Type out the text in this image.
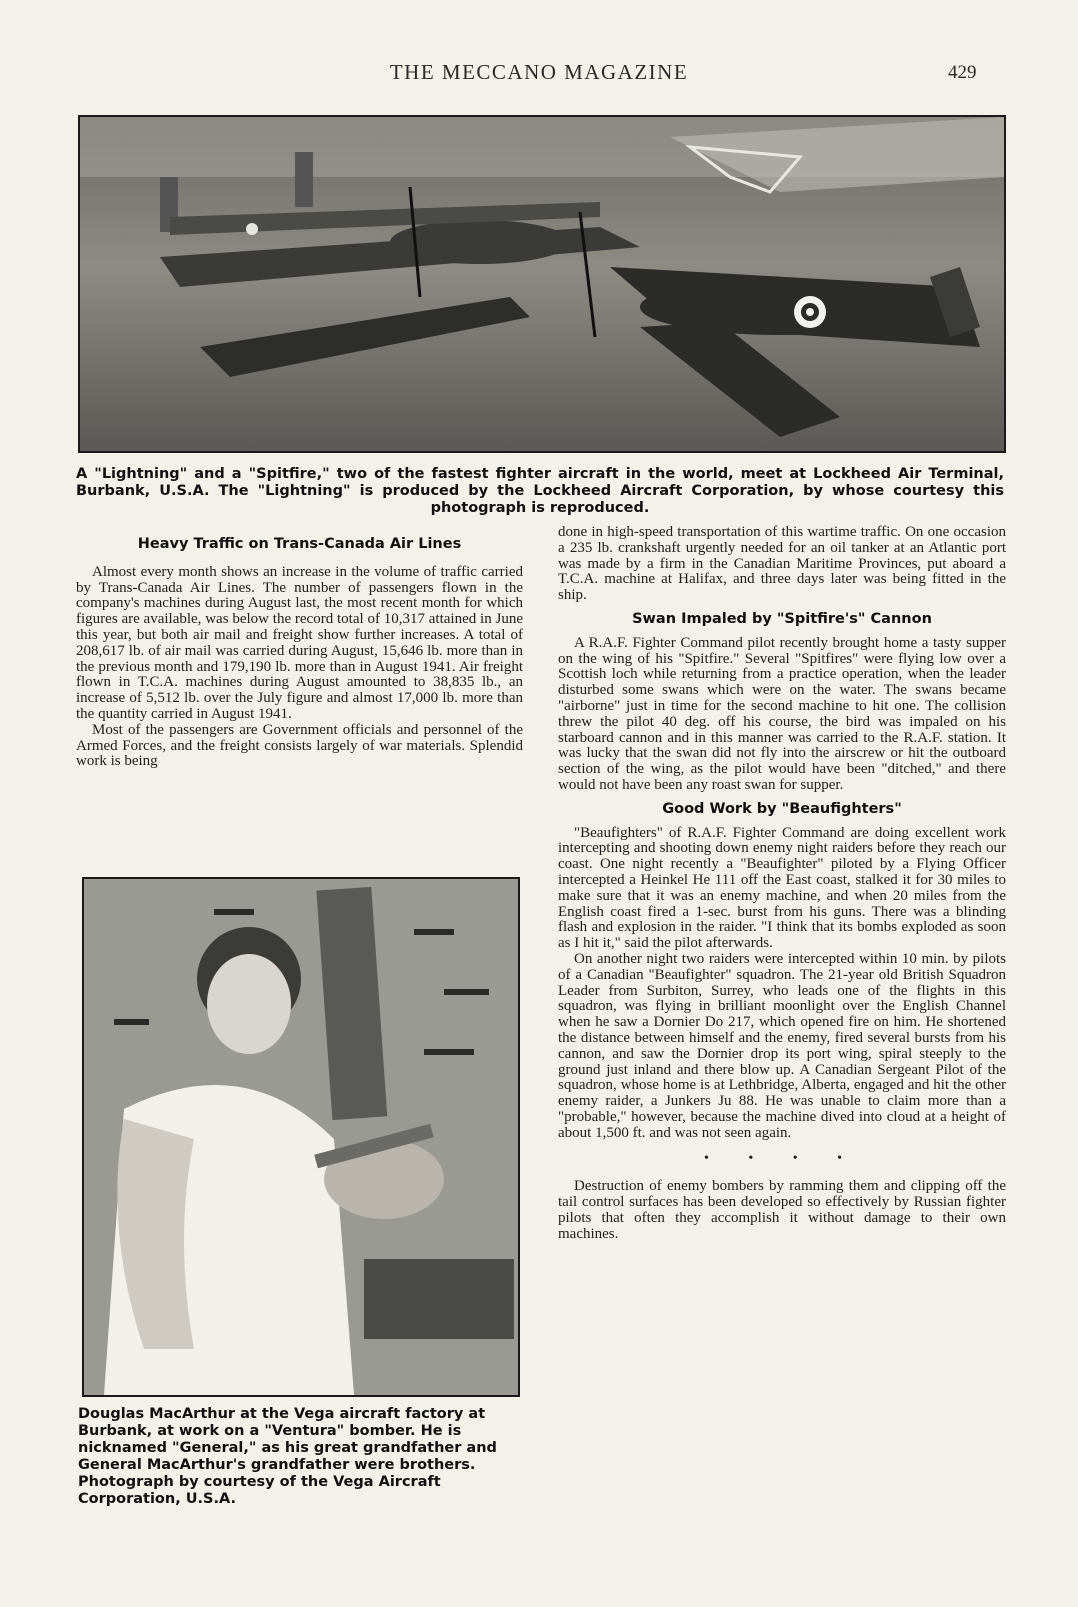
THE MECCANO MAGAZINE	429
A "Lightning" and a "Spitfire," two of the fastest fighter aircraft in the world, meet at Lockheed Air Terminal, Burbank, U.S.A. The "Lightning" is produced by the Lockheed Aircraft Corporation, by whose courtesy this photograph is reproduced.
Heavy Traffic on Trans-Canada Air Lines

Almost every month shows an increase in the volume of traffic carried by Trans-Canada Air Lines. The number of passengers flown in the company's machines during August last, the most recent month for which figures are available, was below the record total of 10,317 attained in June this year, but both air mail and freight show further increases. A total of 208,617 lb. of air mail was carried during August, 15,646 lb. more than in the previous month and 179,190 lb. more than in August 1941. Air freight flown in T.C.A. machines during August amounted to 38,835 lb., an increase of 5,512 lb. over the July figure and almost 17,000 lb. more than the quantity carried in August 1941.

Most of the passengers are Government officials and personnel of the Armed Forces, and the freight consists largely of war materials. Splendid work is being

Douglas MacArthur at the Vega aircraft factory at Burbank, at work on a "Ventura" bomber. He is nicknamed "General," as his great grandfather and General MacArthur's grandfather were brothers. Photograph by courtesy of the Vega Aircraft Corporation, U.S.A.

done in high-speed transportation of this wartime traffic. On one occasion a 235 lb. crankshaft urgently needed for an oil tanker at an Atlantic port was made by a firm in the Canadian Maritime Provinces, put aboard a T.C.A. machine at Halifax, and three days later was being fitted in the ship.

Swan Impaled by "Spitfire's" Cannon

A R.A.F. Fighter Command pilot recently brought home a tasty supper on the wing of his "Spitfire." Several "Spitfires" were flying low over a Scottish loch while returning from a practice operation, when the leader disturbed some swans which were on the water. The swans became "airborne" just in time for the second machine to hit one. The collision threw the pilot 40 deg. off his course, the bird was impaled on his starboard cannon and in this manner was carried to the R.A.F. station. It was lucky that the swan did not fly into the airscrew or hit the outboard section of the wing, as the pilot would have been "ditched," and there would not have been any roast swan for supper.

Good Work by "Beaufighters"

"Beaufighters" of R.A.F. Fighter Command are doing excellent work intercepting and shooting down enemy night raiders before they reach our coast. One night recently a "Beaufighter" piloted by a Flying Officer intercepted a Heinkel He 111 off the East coast, stalked it for 30 miles to make sure that it was an enemy machine, and when 20 miles from the English coast fired a 1-sec. burst from his guns. There was a blinding flash and explosion in the raider. "I think that its bombs exploded as soon as I hit it," said the pilot afterwards.

On another night two raiders were intercepted within 10 min. by pilots of a Canadian "Beaufighter" squadron. The 21-year old British Squadron Leader from Surbiton, Surrey, who leads one of the flights in this squadron, was flying in brilliant moonlight over the English Channel when he saw a Dornier Do 217, which opened fire on him. He shortened the distance between himself and the enemy, fired several bursts from his cannon, and saw the Dornier drop its port wing, spiral steeply to the ground just inland and there blow up. A Canadian Sergeant Pilot of the squadron, whose home is at Lethbridge, Alberta, engaged and hit the other enemy raider, a Junkers Ju 88. He was unable to claim more than a "probable," however, because the machine dived into cloud at a height of about 1,500 ft. and was not seen again.

• • • •

Destruction of enemy bombers by ramming them and clipping off the tail control surfaces has been developed so effectively by Russian fighter pilots that often they accomplish it without damage to their own machines.
